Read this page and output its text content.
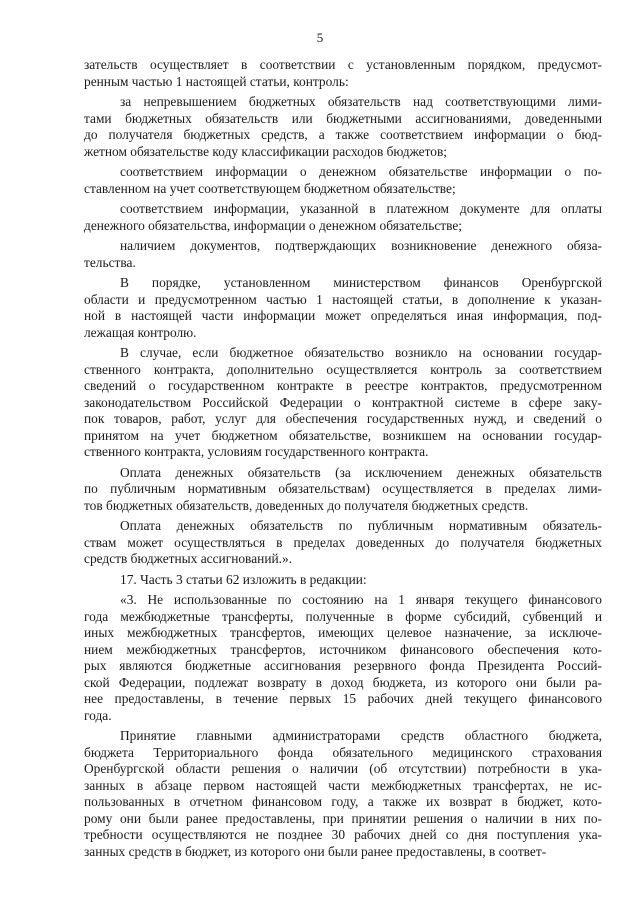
5
зательств осуществляет в соответствии с установленным порядком, предусмот-
ренным частью 1 настоящей статьи, контроль:
за непревышением бюджетных обязательств над соответствующими лими-
тами бюджетных обязательств или бюджетными ассигнованиями, доведенными
до получателя бюджетных средств, а также соответствием информации о бюд-
жетном обязательстве коду классификации расходов бюджетов;
соответствием информации о денежном обязательстве информации о по-
ставленном на учет соответствующем бюджетном обязательстве;
соответствием информации, указанной в платежном документе для оплаты
денежного обязательства, информации о денежном обязательстве;
наличием документов, подтверждающих возникновение денежного обяза-
тельства.
В порядке, установленном министерством финансов Оренбургской
области и предусмотренном частью 1 настоящей статьи, в дополнение к указан-
ной в настоящей части информации может определяться иная информация, под-
лежащая контролю.
В случае, если бюджетное обязательство возникло на основании государ-
ственного контракта, дополнительно осуществляется контроль за соответствием
сведений о государственном контракте в реестре контрактов, предусмотренном
законодательством Российской Федерации о контрактной системе в сфере заку-
пок товаров, работ, услуг для обеспечения государственных нужд, и сведений о
принятом на учет бюджетном обязательстве, возникшем на основании государ-
ственного контракта, условиям государственного контракта.
Оплата денежных обязательств (за исключением денежных обязательств
по публичным нормативным обязательствам) осуществляется в пределах лими-
тов бюджетных обязательств, доведенных до получателя бюджетных средств.
Оплата денежных обязательств по публичным нормативным обязатель-
ствам может осуществляться в пределах доведенных до получателя бюджетных
средств бюджетных ассигнований.».
17. Часть 3 статьи 62 изложить в редакции:
«3. Не использованные по состоянию на 1 января текущего финансового
года межбюджетные трансферты, полученные в форме субсидий, субвенций и
иных межбюджетных трансфертов, имеющих целевое назначение, за исключе-
нием межбюджетных трансфертов, источником финансового обеспечения кото-
рых являются бюджетные ассигнования резервного фонда Президента Россий-
ской Федерации, подлежат возврату в доход бюджета, из которого они были ра-
нее предоставлены, в течение первых 15 рабочих дней текущего финансового
года.
Принятие главными администраторами средств областного бюджета,
бюджета Территориального фонда обязательного медицинского страхования
Оренбургской области решения о наличии (об отсутствии) потребности в ука-
занных в абзаце первом настоящей части межбюджетных трансфертах, не ис-
пользованных в отчетном финансовом году, а также их возврат в бюджет, кото-
рому они были ранее предоставлены, при принятии решения о наличии в них по-
требности осуществляются не позднее 30 рабочих дней со дня поступления ука-
занных средств в бюджет, из которого они были ранее предоставлены, в соответ-
